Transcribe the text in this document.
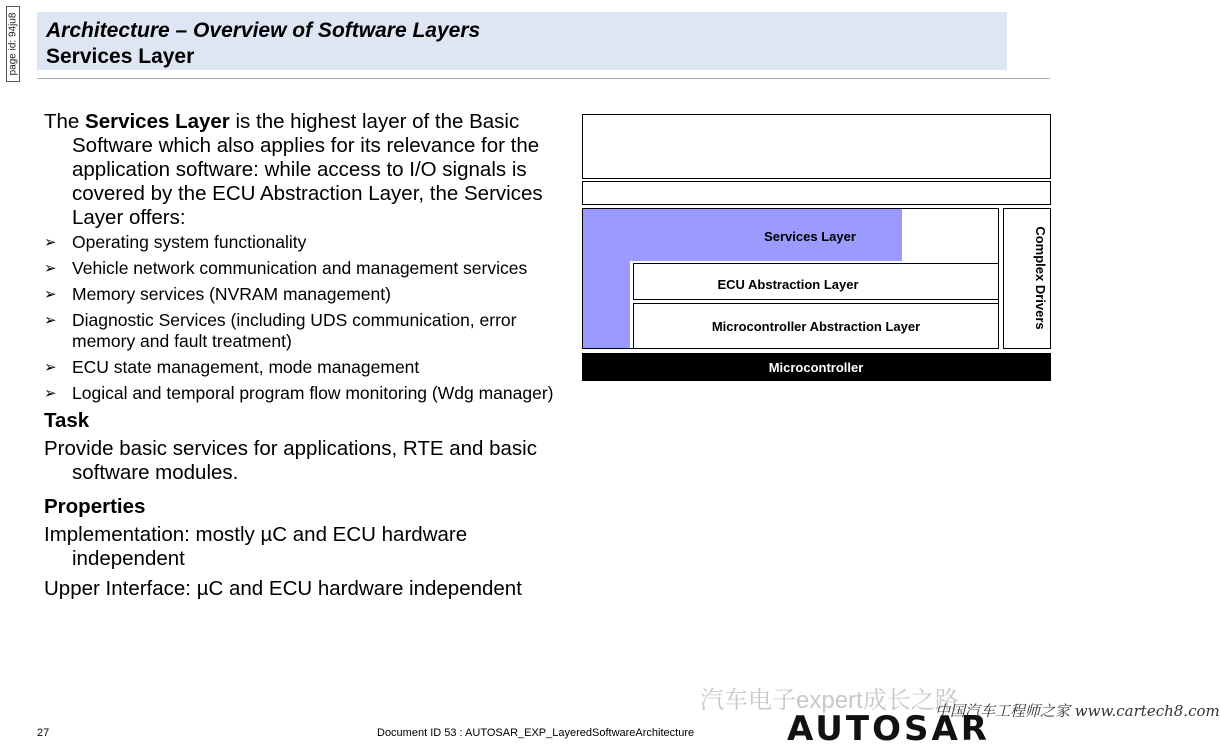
page id: 94ju8 Architecture – Overview of Software Layers
Services Layer

The Services Layer is the highest layer of the Basic Software which also applies for its relevance for the application software: while access to I/O signals is covered by the ECU Abstraction Layer, the Services Layer offers:

➢ Operating system functionality
➢ Vehicle network communication and management services
➢ Memory services (NVRAM management)
➢ Diagnostic Services (including UDS communication, error memory and fault treatment)
➢ ECU state management, mode management
➢ Logical and temporal program flow monitoring (Wdg manager)
Task

Provide basic services for applications, RTE and basic software modules.

Properties

Implementation: mostly µC and ECU hardware independent

Upper Interface: µC and ECU hardware independent

Services Layer
ECU Abstraction Layer
Microcontroller Abstraction Layer	Complex Drivers
Microcontroller
汽车电子expert成长之路
中国汽车工程师之家 www.cartech8.com
27	Document ID 53 : AUTOSAR_EXP_LayeredSoftwareArchitecture	AUTOSAR
